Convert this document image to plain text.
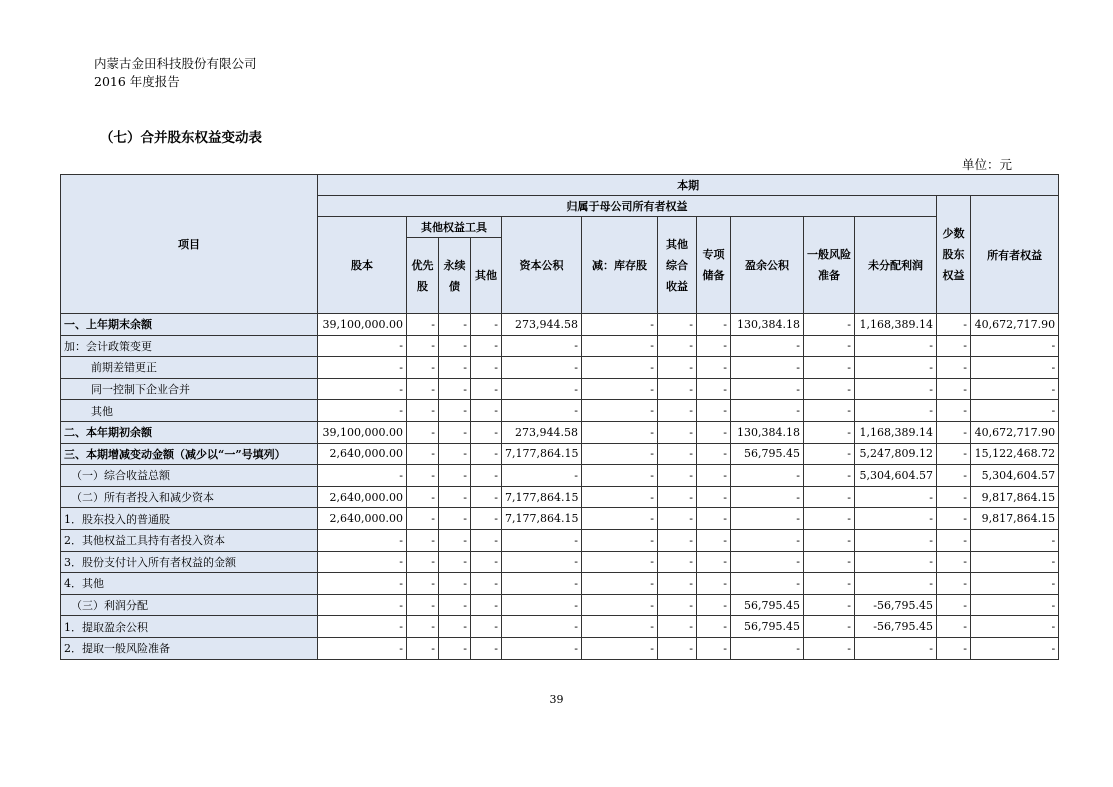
内蒙古金田科技股份有限公司
2016 年度报告
（七）合并股东权益变动表
单位：元
项目	本期												
	归属于母公司所有者权益											少数股东权益	所有者权益
	股本	其他权益工具			资本公积	减：库存股	其他综合收益	专项储备	盈余公积	一般风险准备	未分配利润		
		优先股	永续债	其他									
一、上年期末余额	39,100,000.00	-	-	-	273,944.58	-	-	-	130,384.18	-	1,168,389.14	-	40,672,717.90
加：会计政策变更	-	-	-	-	-	-	-	-	-	-	-	-	-
前期差错更正	-	-	-	-	-	-	-	-	-	-	-	-	-
同一控制下企业合并	-	-	-	-	-	-	-	-	-	-	-	-	-
其他	-	-	-	-	-	-	-	-	-	-	-	-	-
二、本年期初余额	39,100,000.00	-	-	-	273,944.58	-	-	-	130,384.18	-	1,168,389.14	-	40,672,717.90
三、本期增减变动金额（减少以“一”号填列）	2,640,000.00	-	-	-	7,177,864.15	-	-	-	56,795.45	-	5,247,809.12	-	15,122,468.72
（一）综合收益总额	-	-	-	-	-	-	-	-	-	-	5,304,604.57	-	5,304,604.57
（二）所有者投入和减少资本	2,640,000.00	-	-	-	7,177,864.15	-	-	-	-	-	-	-	9,817,864.15
1．股东投入的普通股	2,640,000.00	-	-	-	7,177,864.15	-	-	-	-	-	-	-	9,817,864.15
2．其他权益工具持有者投入资本	-	-	-	-	-	-	-	-	-	-	-	-	-
3．股份支付计入所有者权益的金额	-	-	-	-	-	-	-	-	-	-	-	-	-
4．其他	-	-	-	-	-	-	-	-	-	-	-	-	-
（三）利润分配	-	-	-	-	-	-	-	-	56,795.45	-	-56,795.45	-	-
1．提取盈余公积	-	-	-	-	-	-	-	-	56,795.45	-	-56,795.45	-	-
2．提取一般风险准备	-	-	-	-	-	-	-	-	-	-	-	-	-
39
